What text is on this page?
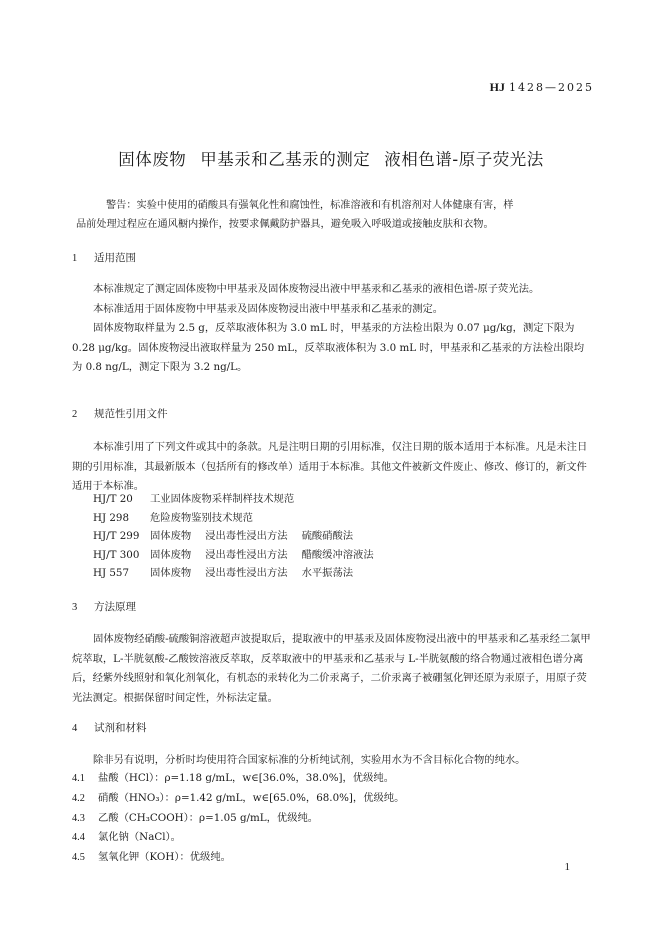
HJ 1428—2025
固体废物 甲基汞和乙基汞的测定 液相色谱-原子荧光法
警告：实验中使用的硝酸具有强氧化性和腐蚀性，标准溶液和有机溶剂对人体健康有害，样
品前处理过程应在通风橱内操作，按要求佩戴防护器具，避免吸入呼吸道或接触皮肤和衣物。
1 适用范围

本标准规定了测定固体废物中甲基汞及固体废物浸出液中甲基汞和乙基汞的液相色谱-原子荧光法。

本标准适用于固体废物中甲基汞及固体废物浸出液中甲基汞和乙基汞的测定。

固体废物取样量为 2.5 g，反萃取液体积为 3.0 mL 时，甲基汞的方法检出限为 0.07 μg/kg，测定下限为 0.28 μg/kg。固体废物浸出液取样量为 250 mL，反萃取液体积为 3.0 mL 时，甲基汞和乙基汞的方法检出限均为 0.8 ng/L，测定下限为 3.2 ng/L。

2 规范性引用文件

本标准引用了下列文件或其中的条款。凡是注明日期的引用标准，仅注日期的版本适用于本标准。凡是未注日期的引用标准，其最新版本（包括所有的修改单）适用于本标准。其他文件被新文件废止、修改、修订的，新文件适用于本标准。

HJ/T 20 工业固体废物采样制样技术规范
HJ 298 危险废物鉴别技术规范
HJ/T 299 固体废物 浸出毒性浸出方法 硫酸硝酸法
HJ/T 300 固体废物 浸出毒性浸出方法 醋酸缓冲溶液法
HJ 557 固体废物 浸出毒性浸出方法 水平振荡法
3 方法原理

固体废物经硝酸-硫酸铜溶液超声波提取后，提取液中的甲基汞及固体废物浸出液中的甲基汞和乙基汞经二氯甲烷萃取，L-半胱氨酸-乙酸铵溶液反萃取，反萃取液中的甲基汞和乙基汞与 L-半胱氨酸的络合物通过液相色谱分离后，经紫外线照射和氧化剂氧化，有机态的汞转化为二价汞离子，二价汞离子被硼氢化钾还原为汞原子，用原子荧光法测定。根据保留时间定性，外标法定量。

4 试剂和材料

除非另有说明，分析时均使用符合国家标准的分析纯试剂，实验用水为不含目标化合物的纯水。

4.1 盐酸（HCl）：ρ=1.18 g/mL，w∈[36.0%，38.0%]，优级纯。
4.2 硝酸（HNO₃）：ρ=1.42 g/mL，w∈[65.0%，68.0%]，优级纯。
4.3 乙酸（CH₃COOH）：ρ=1.05 g/mL，优级纯。
4.4 氯化钠（NaCl）。
4.5 氢氧化钾（KOH）：优级纯。
1
